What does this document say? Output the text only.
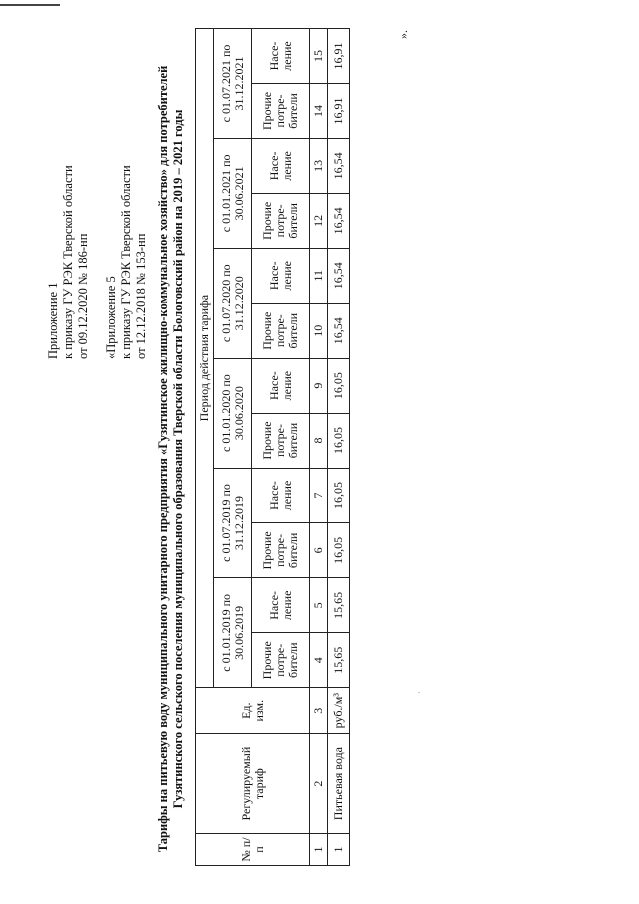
Приложение 1 к приказу ГУ РЭК Тверской области от 09.12.2020 № 186-нп «Приложение 5 к приказу ГУ РЭК Тверской области от 12.12.2018 № 153-нп
·
Тарифы на питьевую воду муниципального унитарного предприятия «Гузятинское жилищно-коммунальное хозяйство» для потребителей Гузятинского сельского поселения муниципального образования Тверской области Бологовский район на 2019 – 2021 годы
№ п/ п	Регулируемый тариф	Ед. изм.	Период действия тарифа											
			с 01.01.2019 по 30.06.2019		с 01.07.2019 по 31.12.2019		с 01.01.2020 по 30.06.2020		с 01.07.2020 по 31.12.2020		с 01.01.2021 по 30.06.2021		с 01.07.2021 по 31.12.2021	
			Прочие потре-бители	Насе-ление	Прочие потре-бители	Насе-ление	Прочие потре-бители	Насе-ление	Прочие потре-бители	Насе-ление	Прочие потре-бители	Насе-ление	Прочие потре-бители	Насе-ление
1	2	3	4	5	6	7	8	9	10	11	12	13	14	15
1	Питьевая вода	руб./м³	15,65	15,65	16,05	16,05	16,05	16,05	16,54	16,54	16,54	16,54	16,91	16,91
».
